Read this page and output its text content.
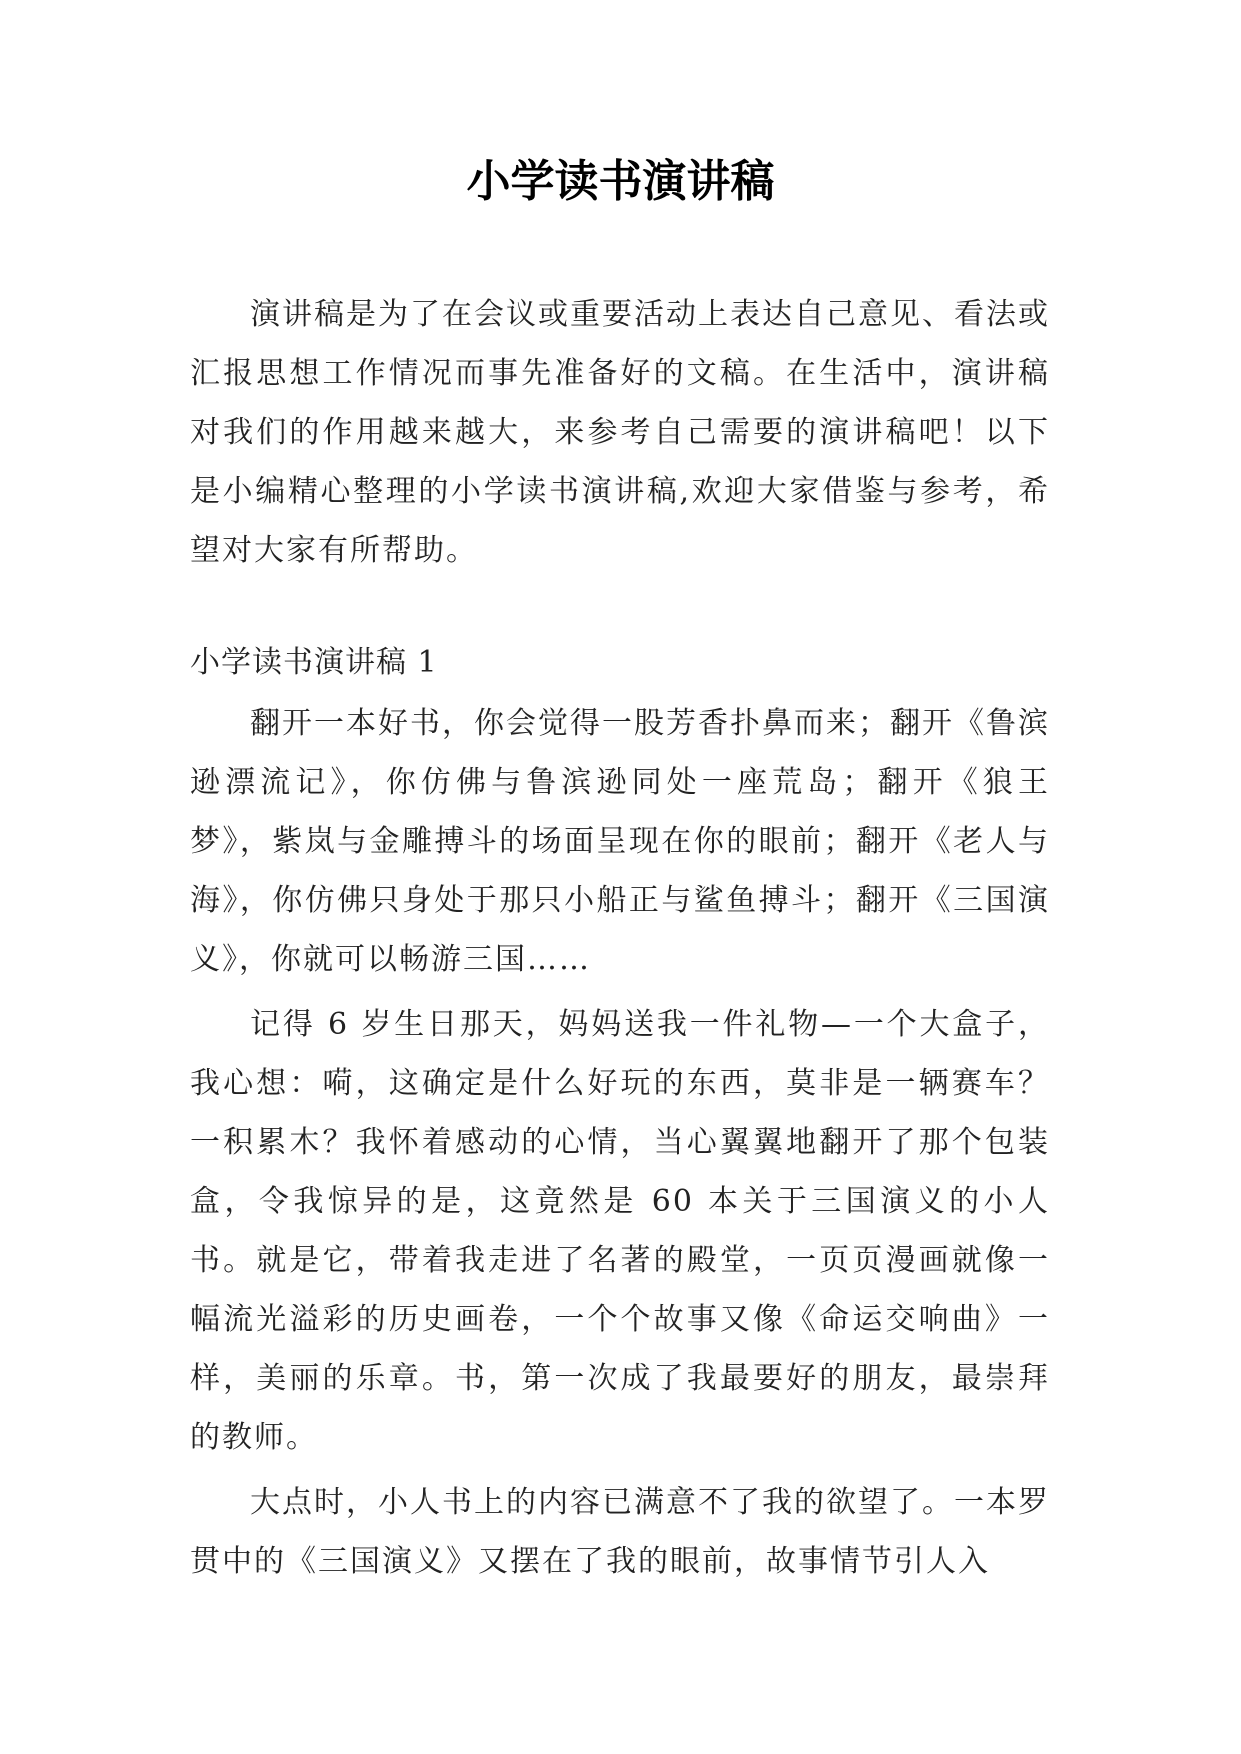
小学读书演讲稿

演讲稿是为了在会议或重要活动上表达自己意见、看法或汇报思想工作情况而事先准备好的文稿。在生活中，演讲稿对我们的作用越来越大，来参考自己需要的演讲稿吧！以下是小编精心整理的小学读书演讲稿,欢迎大家借鉴与参考，希望对大家有所帮助。

小学读书演讲稿 1

翻开一本好书，你会觉得一股芳香扑鼻而来；翻开《鲁滨逊漂流记》，你仿佛与鲁滨逊同处一座荒岛；翻开《狼王梦》，紫岚与金雕搏斗的场面呈现在你的眼前；翻开《老人与海》，你仿佛只身处于那只小船正与鲨鱼搏斗；翻开《三国演义》，你就可以畅游三国……

记得 6 岁生日那天，妈妈送我一件礼物—一个大盒子，我心想：嗬，这确定是什么好玩的东西，莫非是一辆赛车？一积累木？我怀着感动的心情，当心翼翼地翻开了那个包装盒，令我惊异的是，这竟然是 60 本关于三国演义的小人书。就是它，带着我走进了名著的殿堂，一页页漫画就像一幅流光溢彩的历史画卷，一个个故事又像《命运交响曲》一样，美丽的乐章。书，第一次成了我最要好的朋友，最崇拜的教师。

大点时，小人书上的内容已满意不了我的欲望了。一本罗贯中的《三国演义》又摆在了我的眼前，故事情节引人入
